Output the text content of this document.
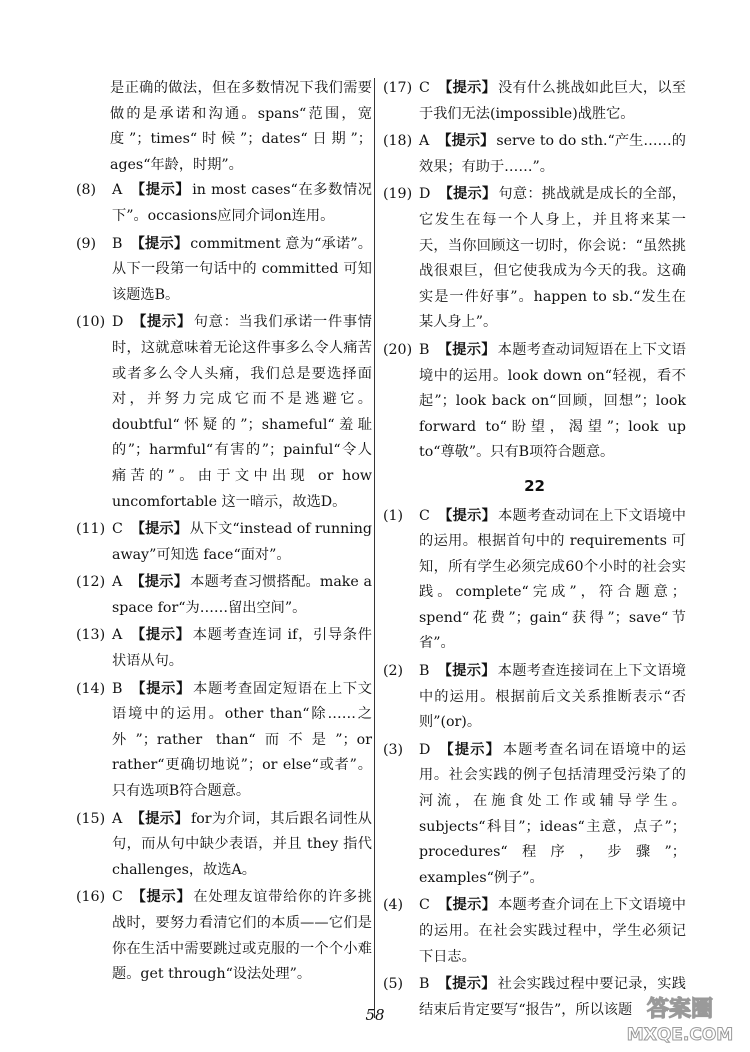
是正确的做法，但在多数情况下我们需要做的是承诺和沟通。spans“范围，宽度”；times“时候”；dates“日期”；ages“年龄，时期”。
(8) A 【提示】 in most cases“在多数情况下”。occasions应同介词on连用。
(9) B 【提示】 commitment 意为“承诺”。从下一段第一句话中的 committed 可知该题选B。
(10) D 【提示】 句意：当我们承诺一件事情时，这就意味着无论这件事多么令人痛苦或者多么令人头痛，我们总是要选择面对，并努力完成它而不是逃避它。doubtful“怀疑的”；shameful“羞耻的”；harmful“有害的”；painful“令人痛苦的”。由于文中出现 or how uncomfortable 这一暗示，故选D。
(11) C 【提示】 从下文“instead of running away”可知选 face“面对”。
(12) A 【提示】 本题考查习惯搭配。make a space for“为……留出空间”。
(13) A 【提示】 本题考查连词 if，引导条件状语从句。
(14) B 【提示】 本题考查固定短语在上下文语境中的运用。other than“除……之外”；rather than“而不是”；or rather“更确切地说”；or else“或者”。只有选项B符合题意。
(15) A 【提示】 for为介词，其后跟名词性从句，而从句中缺少表语，并且 they 指代 challenges，故选A。
(16) C 【提示】 在处理友谊带给你的许多挑战时，要努力看清它们的本质——它们是你在生活中需要跳过或克服的一个个小难题。get through“设法处理”。
(17) C 【提示】 没有什么挑战如此巨大，以至于我们无法(impossible)战胜它。
(18) A 【提示】 serve to do sth.“产生……的效果；有助于……”。
(19) D 【提示】 句意：挑战就是成长的全部，它发生在每一个人身上，并且将来某一天，当你回顾这一切时，你会说：“虽然挑战很艰巨，但它使我成为今天的我。这确实是一件好事”。happen to sb.“发生在某人身上”。
(20) B 【提示】 本题考查动词短语在上下文语境中的运用。look down on“轻视，看不起”；look back on“回顾，回想”；look forward to“盼望，渴望”；look up to“尊敬”。只有B项符合题意。
22
(1) C 【提示】 本题考查动词在上下文语境中的运用。根据首句中的 requirements 可知，所有学生必须完成60个小时的社会实践。complete“完成”，符合题意；spend“花费”；gain“获得”；save“节省”。
(2) B 【提示】 本题考查连接词在上下文语境中的运用。根据前后文关系推断表示“否则”(or)。
(3) D 【提示】 本题考查名词在语境中的运用。社会实践的例子包括清理受污染了的河流，在施食处工作或辅导学生。subjects“科目”；ideas“主意，点子”；procedures“程序，步骤”；examples“例子”。
(4) C 【提示】 本题考查介词在上下文语境中的运用。在社会实践过程中，学生必须记下日志。
(5) B 【提示】 社会实践过程中要记录，实践结束后肯定要写“报告”，所以该题
58	答案圈
MXQE.COM
